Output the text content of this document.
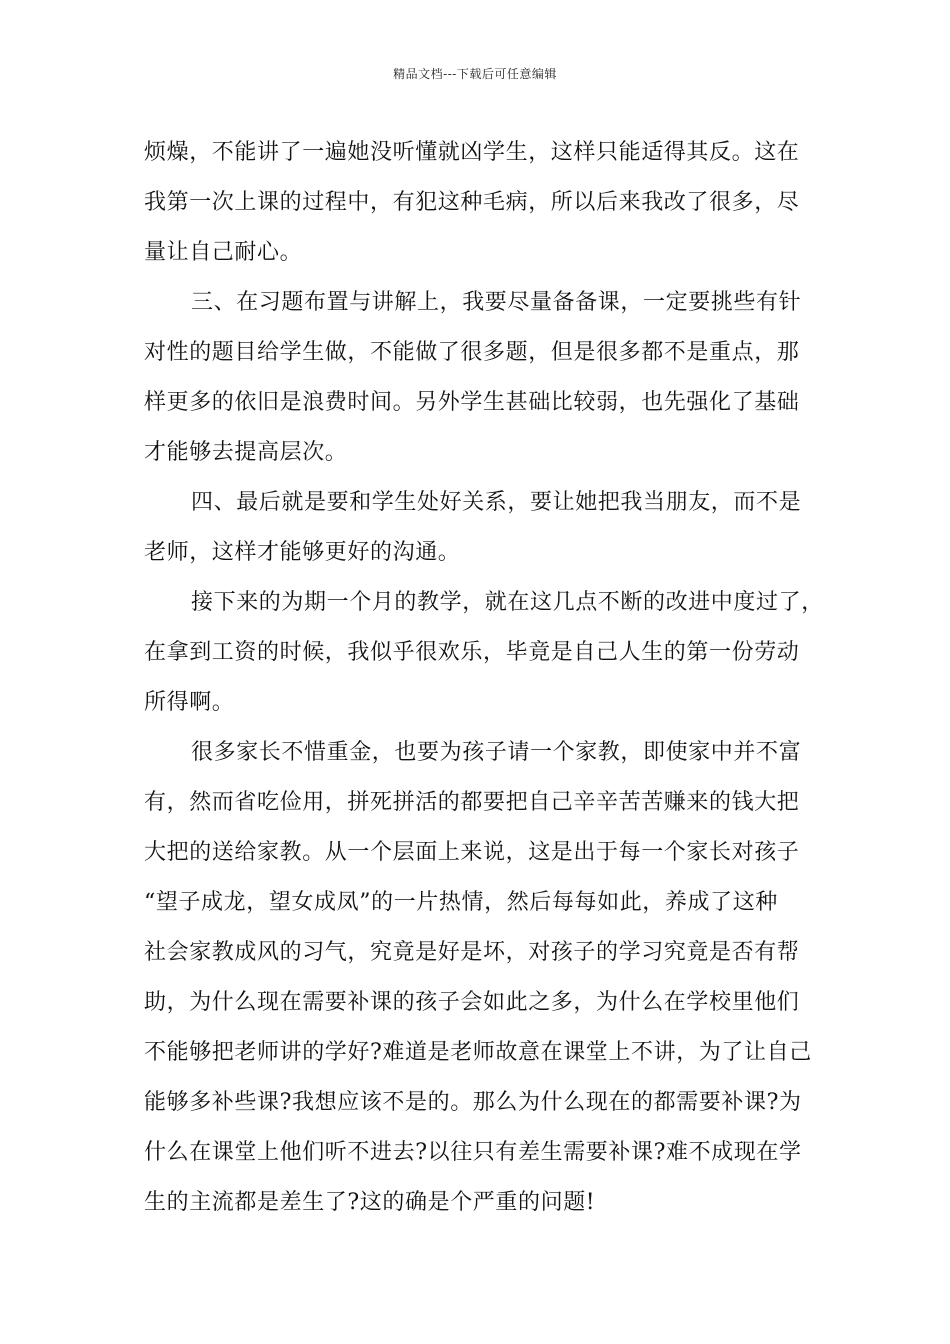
精品文档---下载后可任意编辑
烦燥，不能讲了一遍她没听懂就凶学生，这样只能适得其反。这在
我第一次上课的过程中，有犯这种毛病，所以后来我改了很多，尽
量让自己耐心。
三、在习题布置与讲解上，我要尽量备备课，一定要挑些有针
对性的题目给学生做，不能做了很多题，但是很多都不是重点，那
样更多的依旧是浪费时间。另外学生甚础比较弱，也先强化了基础
才能够去提高层次。
四、最后就是要和学生处好关系，要让她把我当朋友，而不是
老师，这样才能够更好的沟通。
接下来的为期一个月的教学，就在这几点不断的改进中度过了，
在拿到工资的时候，我似乎很欢乐，毕竟是自己人生的第一份劳动
所得啊。
很多家长不惜重金，也要为孩子请一个家教，即使家中并不富
有，然而省吃俭用，拼死拼活的都要把自己辛辛苦苦赚来的钱大把
大把的送给家教。从一个层面上来说，这是出于每一个家长对孩子
“望子成龙，望女成凤”的一片热情，然后每每如此，养成了这种
社会家教成风的习气，究竟是好是坏，对孩子的学习究竟是否有帮
助，为什么现在需要补课的孩子会如此之多，为什么在学校里他们
不能够把老师讲的学好?难道是老师故意在课堂上不讲，为了让自己
能够多补些课?我想应该不是的。那么为什么现在的都需要补课?为
什么在课堂上他们听不进去?以往只有差生需要补课?难不成现在学
生的主流都是差生了?这的确是个严重的问题!
